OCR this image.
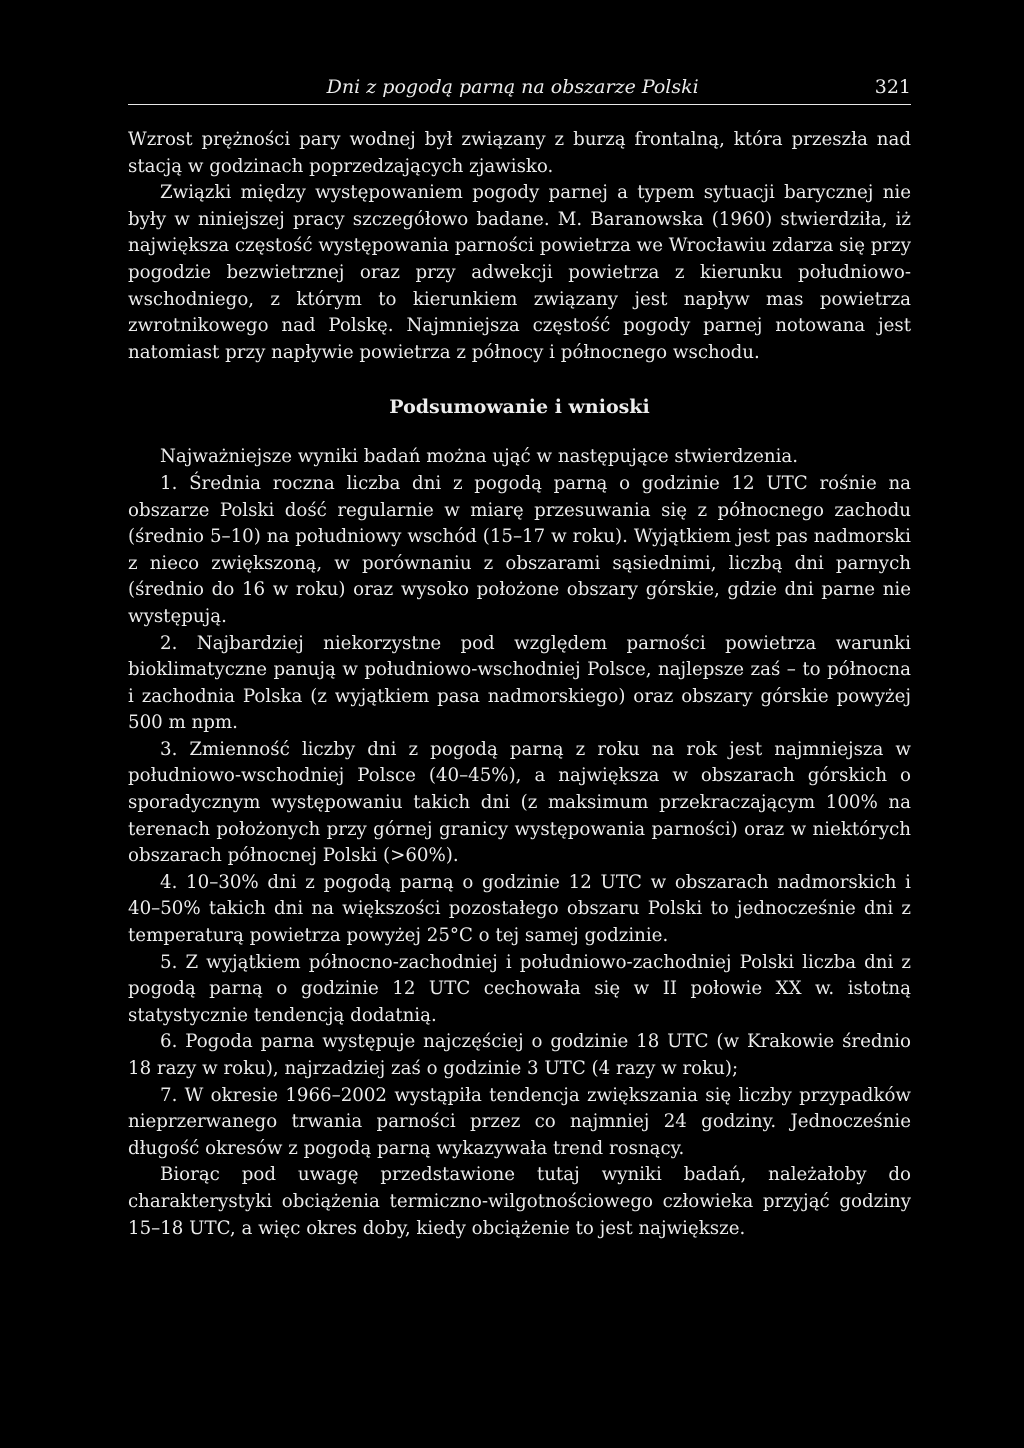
Dni z pogodą parną na obszarze Polski	321

Wzrost prężności pary wodnej był związany z burzą frontalną, która przeszła nad stacją w godzinach poprzedzających zjawisko.

Związki między występowaniem pogody parnej a typem sytuacji barycznej nie były w niniejszej pracy szczegółowo badane. M. Baranowska (1960) stwierdziła, iż największa częstość występowania parności powietrza we Wrocławiu zdarza się przy pogodzie bezwietrznej oraz przy adwekcji powietrza z kierunku południowo-wschodniego, z którym to kierunkiem związany jest napływ mas powietrza zwrotnikowego nad Polskę. Najmniejsza częstość pogody parnej notowana jest natomiast przy napływie powietrza z północy i północnego wschodu.

Podsumowanie i wnioski

Najważniejsze wyniki badań można ująć w następujące stwierdzenia.

1. Średnia roczna liczba dni z pogodą parną o godzinie 12 UTC rośnie na obszarze Polski dość regularnie w miarę przesuwania się z północnego zachodu (średnio 5–10) na południowy wschód (15–17 w roku). Wyjątkiem jest pas nadmorski z nieco zwiększoną, w porównaniu z obszarami sąsiednimi, liczbą dni parnych (średnio do 16 w roku) oraz wysoko położone obszary górskie, gdzie dni parne nie występują.

2. Najbardziej niekorzystne pod względem parności powietrza warunki bioklimatyczne panują w południowo-wschodniej Polsce, najlepsze zaś – to północna i zachodnia Polska (z wyjątkiem pasa nadmorskiego) oraz obszary górskie powyżej 500 m npm.

3. Zmienność liczby dni z pogodą parną z roku na rok jest najmniejsza w południowo-wschodniej Polsce (40–45%), a największa w obszarach górskich o sporadycznym występowaniu takich dni (z maksimum przekraczającym 100% na terenach położonych przy górnej granicy występowania parności) oraz w niektórych obszarach północnej Polski (>60%).

4. 10–30% dni z pogodą parną o godzinie 12 UTC w obszarach nadmorskich i 40–50% takich dni na większości pozostałego obszaru Polski to jednocześnie dni z temperaturą powietrza powyżej 25°C o tej samej godzinie.

5. Z wyjątkiem północno-zachodniej i południowo-zachodniej Polski liczba dni z pogodą parną o godzinie 12 UTC cechowała się w II połowie XX w. istotną statystycznie tendencją dodatnią.

6. Pogoda parna występuje najczęściej o godzinie 18 UTC (w Krakowie średnio 18 razy w roku), najrzadziej zaś o godzinie 3 UTC (4 razy w roku);

7. W okresie 1966–2002 wystąpiła tendencja zwiększania się liczby przypadków nieprzerwanego trwania parności przez co najmniej 24 godziny. Jednocześnie długość okresów z pogodą parną wykazywała trend rosnący.

Biorąc pod uwagę przedstawione tutaj wyniki badań, należałoby do charakterystyki obciążenia termiczno-wilgotnościowego człowieka przyjąć godziny 15–18 UTC, a więc okres doby, kiedy obciążenie to jest największe.
